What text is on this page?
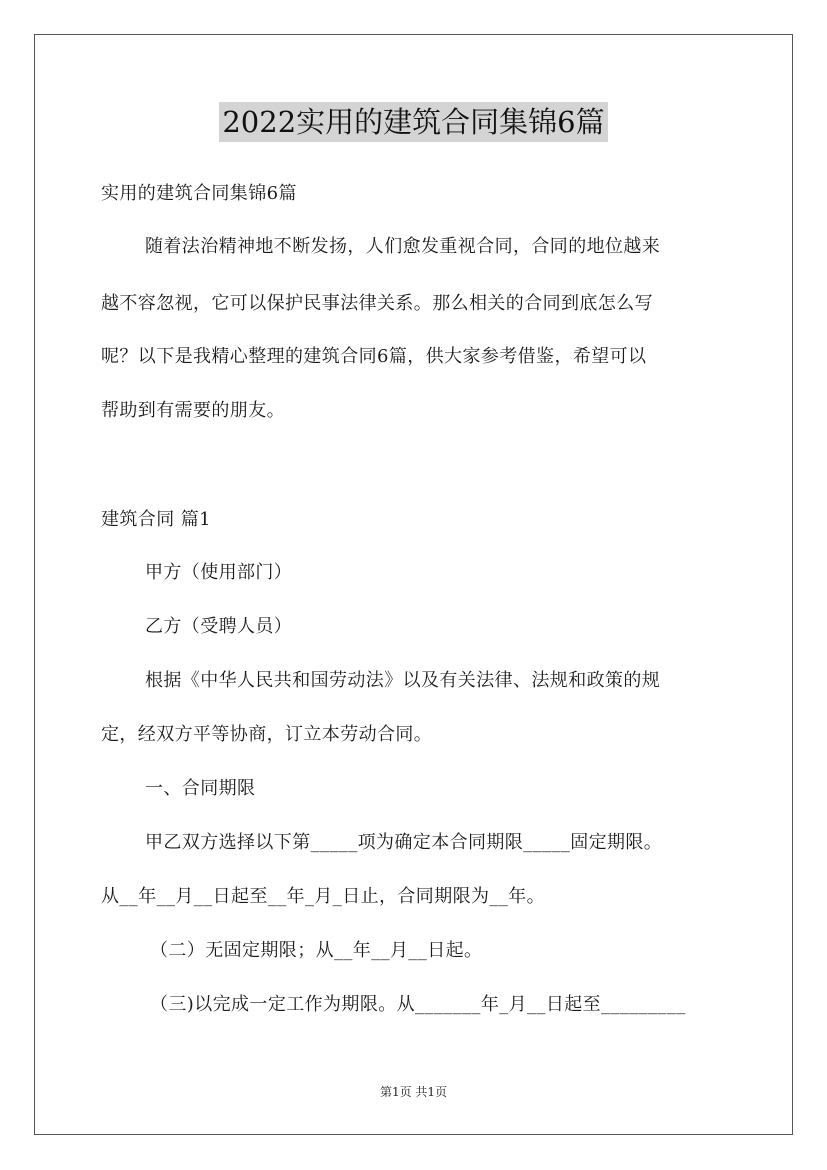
2022实用的建筑合同集锦6篇
实用的建筑合同集锦6篇
随着法治精神地不断发扬，人们愈发重视合同，合同的地位越来
越不容忽视，它可以保护民事法律关系。那么相关的合同到底怎么写
呢？以下是我精心整理的建筑合同6篇，供大家参考借鉴，希望可以
帮助到有需要的朋友。
建筑合同 篇1
甲方（使用部门）
乙方（受聘人员）
根据《中华人民共和国劳动法》以及有关法律、法规和政策的规
定，经双方平等协商，订立本劳动合同。
一、合同期限
甲乙双方选择以下第_____项为确定本合同期限_____固定期限。
从__年__月__日起至__年_月_日止，合同期限为__年。
（二）无固定期限；从__年__月__日起。
（三)以完成一定工作为期限。从_______年_月__日起至_________
第1页 共1页
